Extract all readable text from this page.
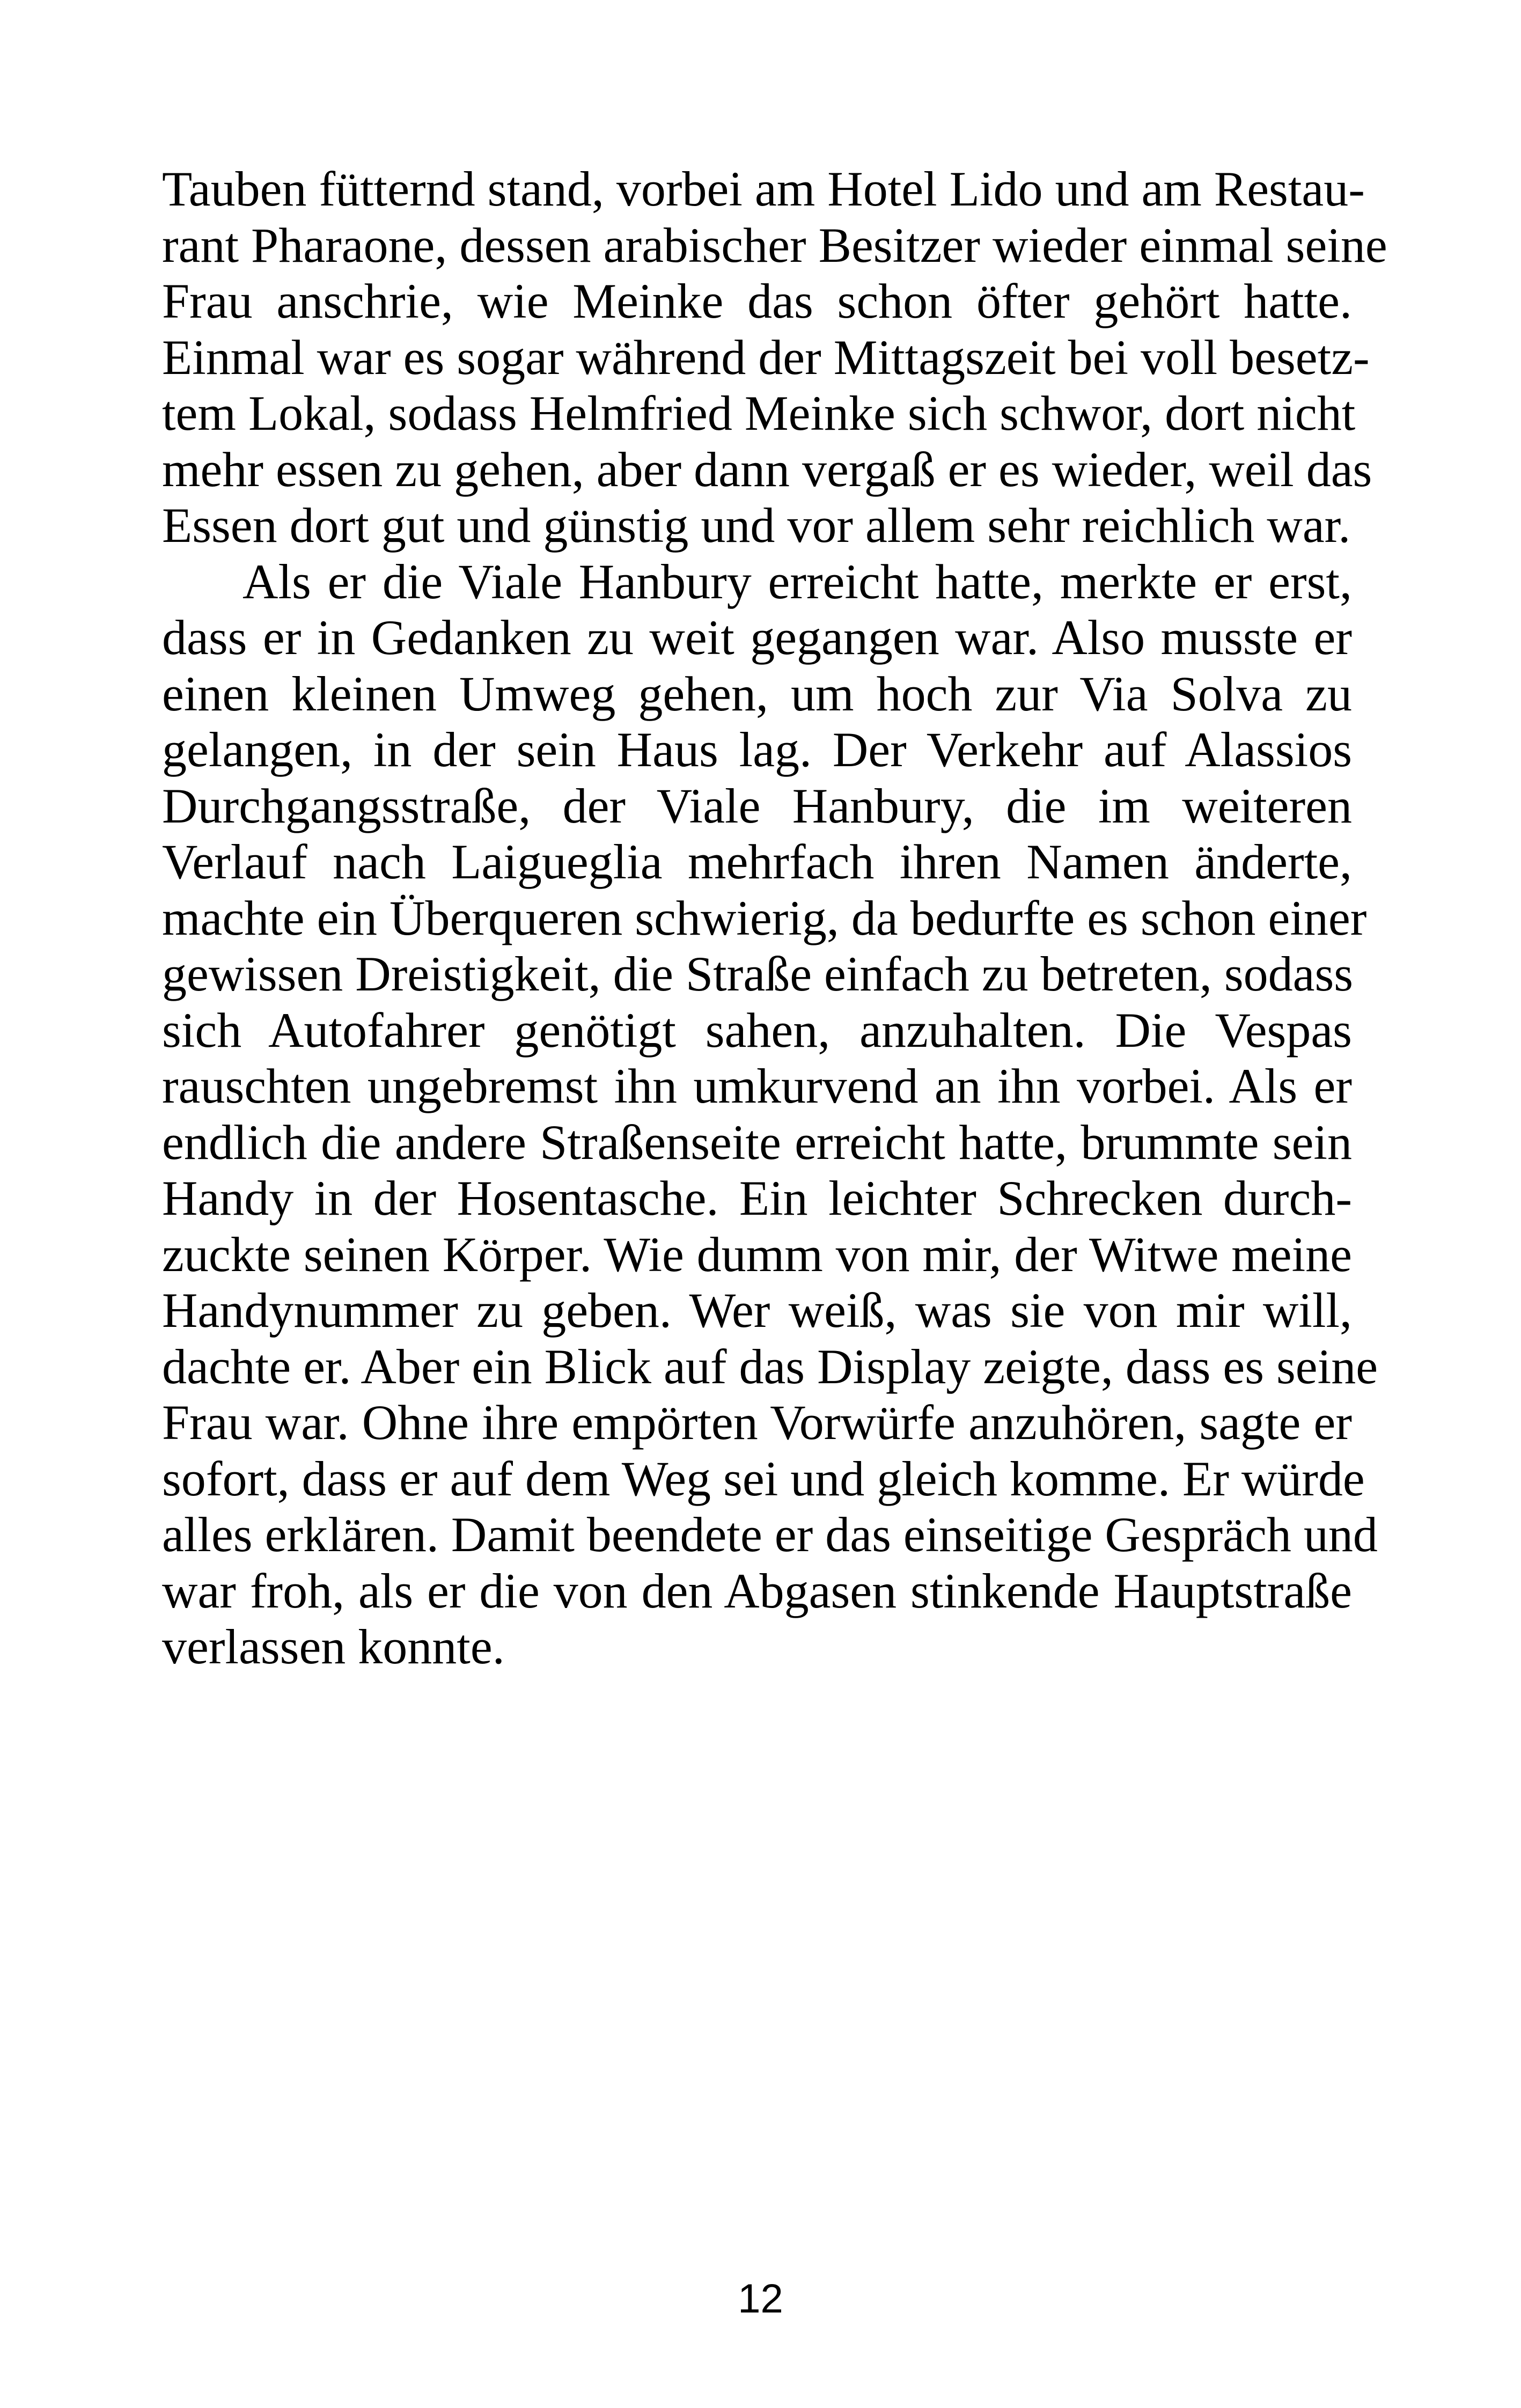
Tauben fütternd stand, vorbei am Hotel Lido und am Restau-
rant Pharaone, dessen arabischer Besitzer wieder einmal seine
Frau anschrie, wie Meinke das schon öfter gehört hatte.
Einmal war es sogar während der Mittagszeit bei voll besetz-
tem Lokal, sodass Helmfried Meinke sich schwor, dort nicht
mehr essen zu gehen, aber dann vergaß er es wieder, weil das
Essen dort gut und günstig und vor allem sehr reichlich war.
Als er die Viale Hanbury erreicht hatte, merkte er erst,
dass er in Gedanken zu weit gegangen war. Also musste er
einen kleinen Umweg gehen, um hoch zur Via Solva zu
gelangen, in der sein Haus lag. Der Verkehr auf Alassios
Durchgangsstraße, der Viale Hanbury, die im weiteren
Verlauf nach Laiguеglia mehrfach ihren Namen änderte,
machte ein Überqueren schwierig, da bedurfte es schon einer
gewissen Dreistigkeit, die Straße einfach zu betreten, sodass
sich Autofahrer genötigt sahen, anzuhalten. Die Vespas
rauschten ungebremst ihn umkurvend an ihn vorbei. Als er
endlich die andere Straßenseite erreicht hatte, brummte sein
Handy in der Hosentasche. Ein leichter Schrecken durch-
zuckte seinen Körper. Wie dumm von mir, der Witwe meine
Handynummer zu geben. Wer weiß, was sie von mir will,
dachte er. Aber ein Blick auf das Display zeigte, dass es seine
Frau war. Ohne ihre empörten Vorwürfe anzuhören, sagte er
sofort, dass er auf dem Weg sei und gleich komme. Er würde
alles erklären. Damit beendete er das einseitige Gespräch und
war froh, als er die von den Abgasen stinkende Hauptstraße
verlassen konnte.
12
